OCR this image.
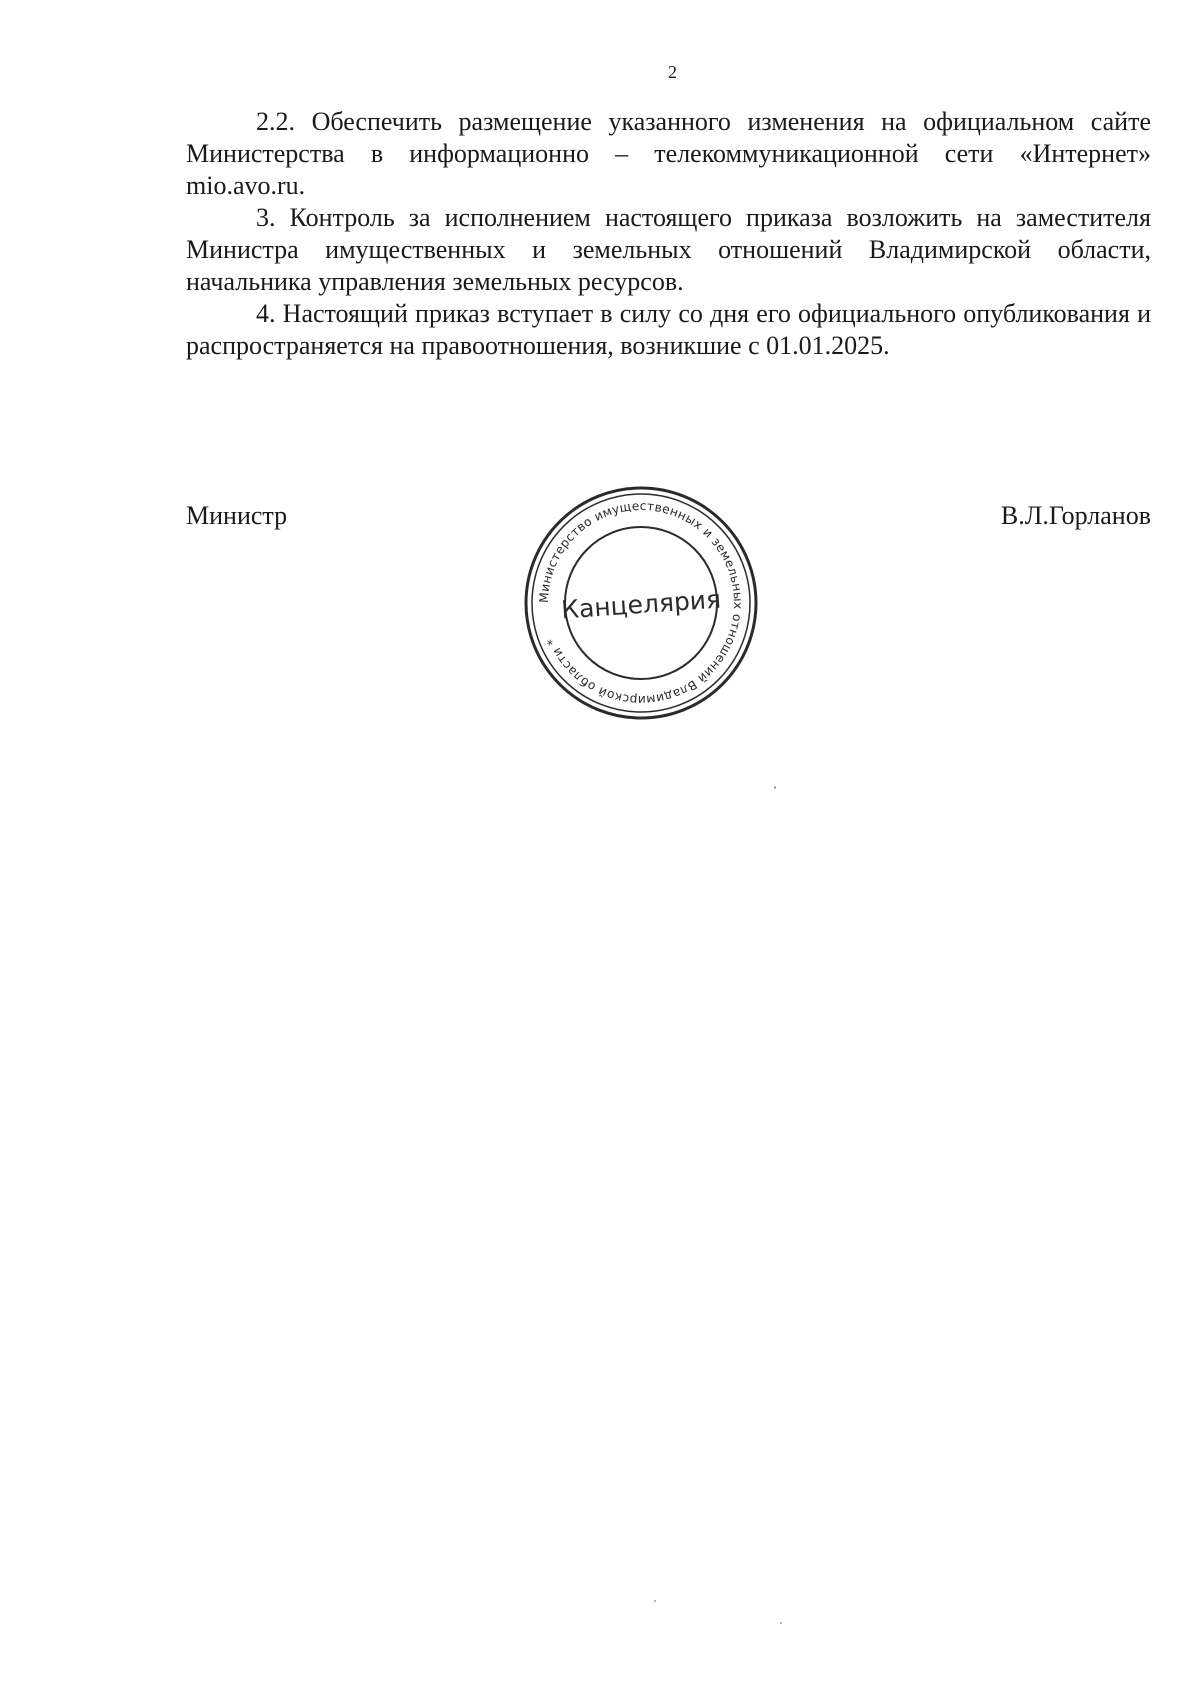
2

2.2. Обеспечить размещение указанного изменения на официальном сайте Министерства в информационно – телекоммуникационной сети «Интернет» mio.avo.ru.

3. Контроль за исполнением настоящего приказа возложить на заместителя Министра имущественных и земельных отношений Владимирской области, начальника управления земельных ресурсов.

4. Настоящий приказ вступает в силу со дня его официального опубликования и распространяется на правоотношения, возникшие с 01.01.2025.

Министр	В.Л.Горланов
Министерство имущественных и земельных отношений Владимирской области *
Канцелярия
